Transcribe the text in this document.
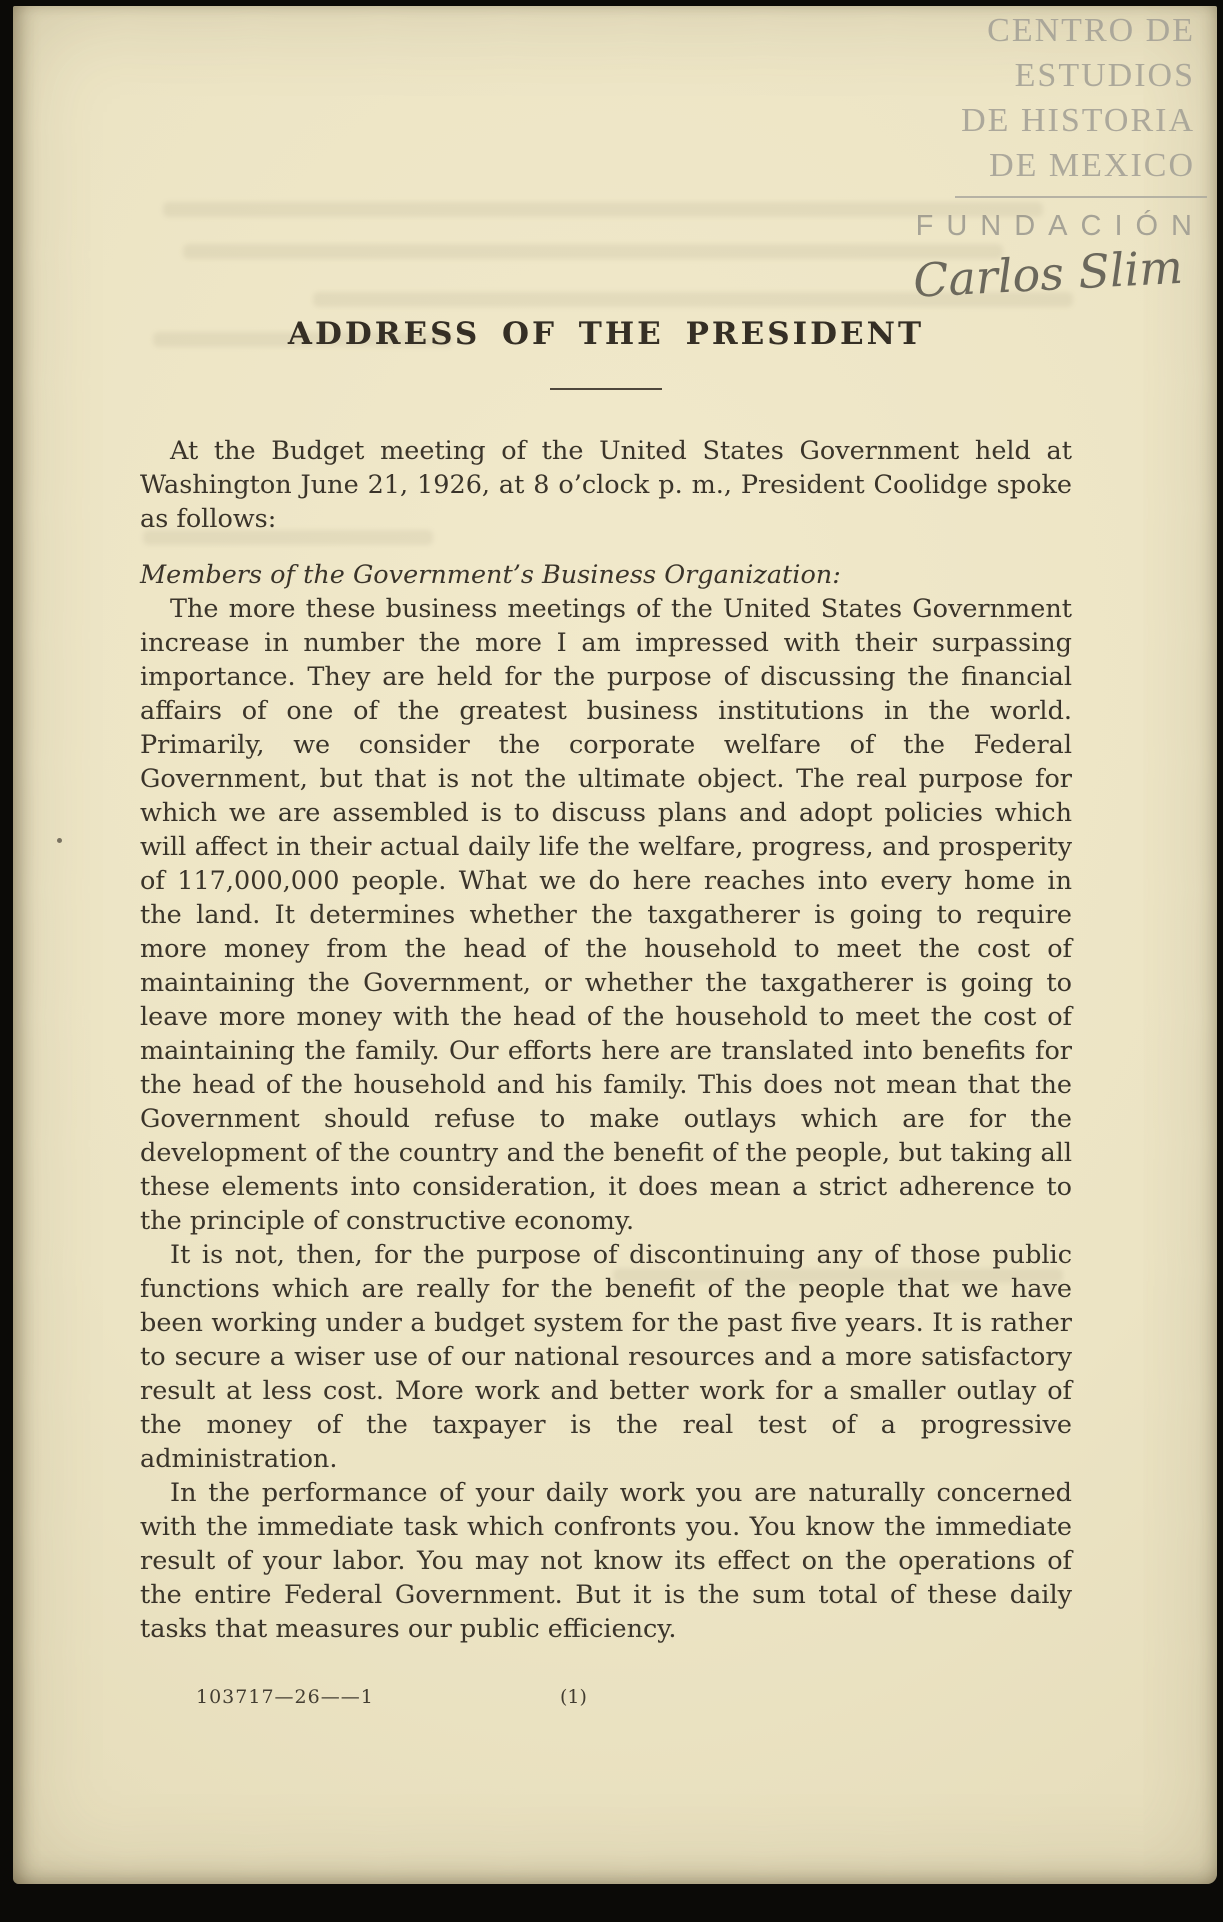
CENTRO DE
ESTUDIOS
DE HISTORIA
DE MEXICO
FUNDACIÓN
Carlos Slim
ADDRESS OF THE PRESIDENT

At the Budget meeting of the United States Government held at Washington June 21, 1926, at 8 o’clock p. m., President Coolidge spoke as follows:

Members of the Government’s Business Organization:

The more these business meetings of the United States Government increase in number the more I am impressed with their surpassing importance. They are held for the purpose of discussing the financial affairs of one of the greatest business institutions in the world. Primarily, we consider the corporate welfare of the Federal Government, but that is not the ultimate object. The real purpose for which we are assembled is to discuss plans and adopt policies which will affect in their actual daily life the welfare, progress, and prosperity of 117,000,000 people. What we do here reaches into every home in the land. It determines whether the taxgatherer is going to require more money from the head of the household to meet the cost of maintaining the Government, or whether the taxgatherer is going to leave more money with the head of the household to meet the cost of maintaining the family. Our efforts here are translated into benefits for the head of the household and his family. This does not mean that the Government should refuse to make outlays which are for the development of the country and the benefit of the people, but taking all these elements into consideration, it does mean a strict adherence to the principle of constructive economy.

It is not, then, for the purpose of discontinuing any of those public functions which are really for the benefit of the people that we have been working under a budget system for the past five years. It is rather to secure a wiser use of our national resources and a more satisfactory result at less cost. More work and better work for a smaller outlay of the money of the taxpayer is the real test of a progressive administration.

In the performance of your daily work you are naturally concerned with the immediate task which confronts you. You know the immediate result of your labor. You may not know its effect on the operations of the entire Federal Government. But it is the sum total of these daily tasks that measures our public efficiency.

103717—26——1	(1)
